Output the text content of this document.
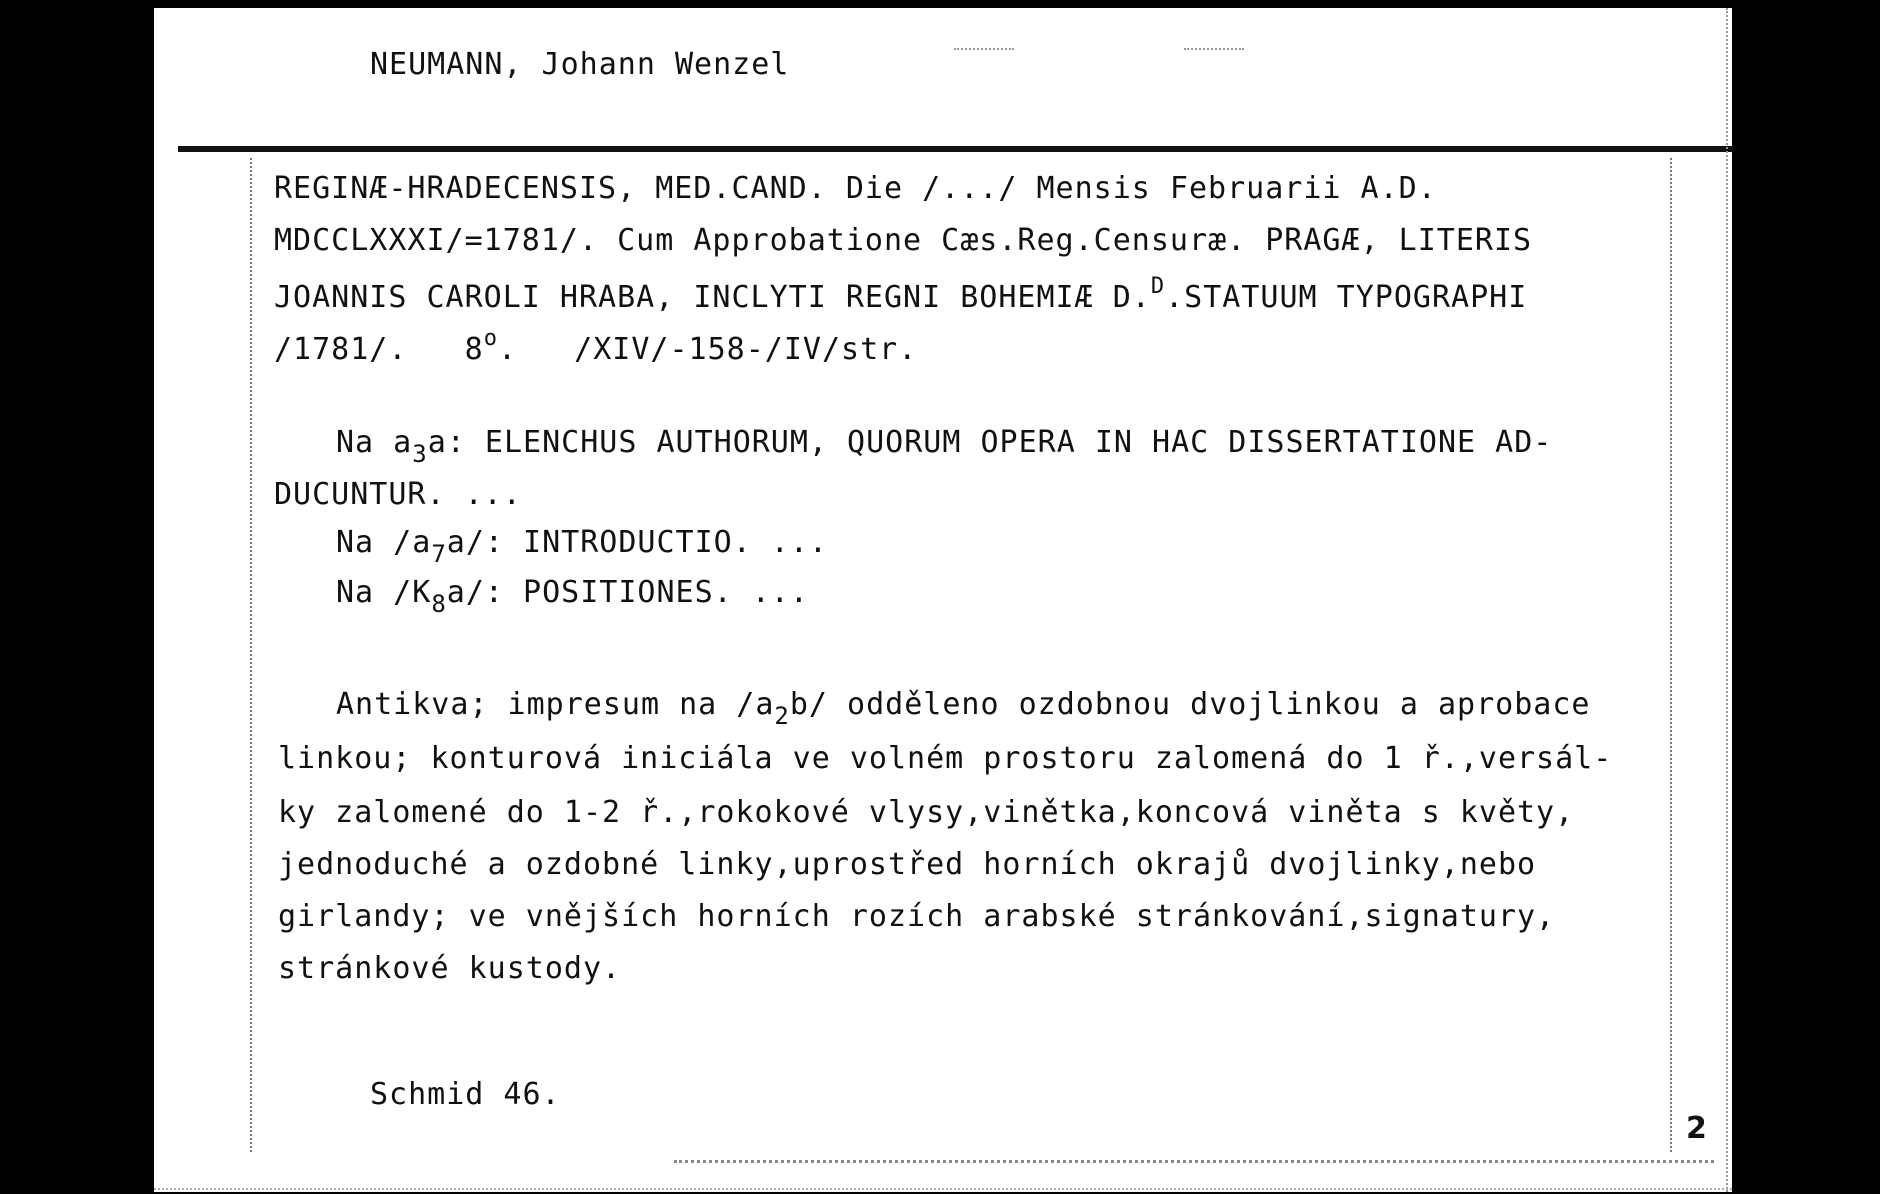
NEUMANN, Johann Wenzel
REGINÆ-HRADECENSIS, MED.CAND. Die /.../ Mensis Februarii A.D.
MDCCLXXXI/=1781/. Cum Approbatione Cæs.Reg.Censuræ. PRAGÆ, LITERIS
JOANNIS CAROLI HRABA, INCLYTI REGNI BOHEMIÆ D.$^D$.STATUUM TYPOGRAPHI
/1781/.   8$^o$.   /XIV/-158-/IV/str.
Na $a_3a$: ELENCHUS AUTHORUM, QUORUM OPERA IN HAC DISSERTATIONE AD-
DUCUNTUR. ...
Na $/a_7a/$: INTRODUCTIO. ...
Na $/K_8a/$: POSITIONES. ...
Antikva; impresum na $/a_2b/$ odděleno ozdobnou dvojlinkou a aprobace
linkou; konturová iniciála ve volném prostoru zalomená do 1 ř.,versál-
ky zalomené do 1-2 ř.,rokokové vlysy,vinětka,koncová viněta s květy,
jednoduché a ozdobné linky,uprostřed horních okrajů dvojlinky,nebo
girlandy; ve vnějších horních rozích arabské stránkování,signatury,
stránkové kustody.
Schmid 46.
2
